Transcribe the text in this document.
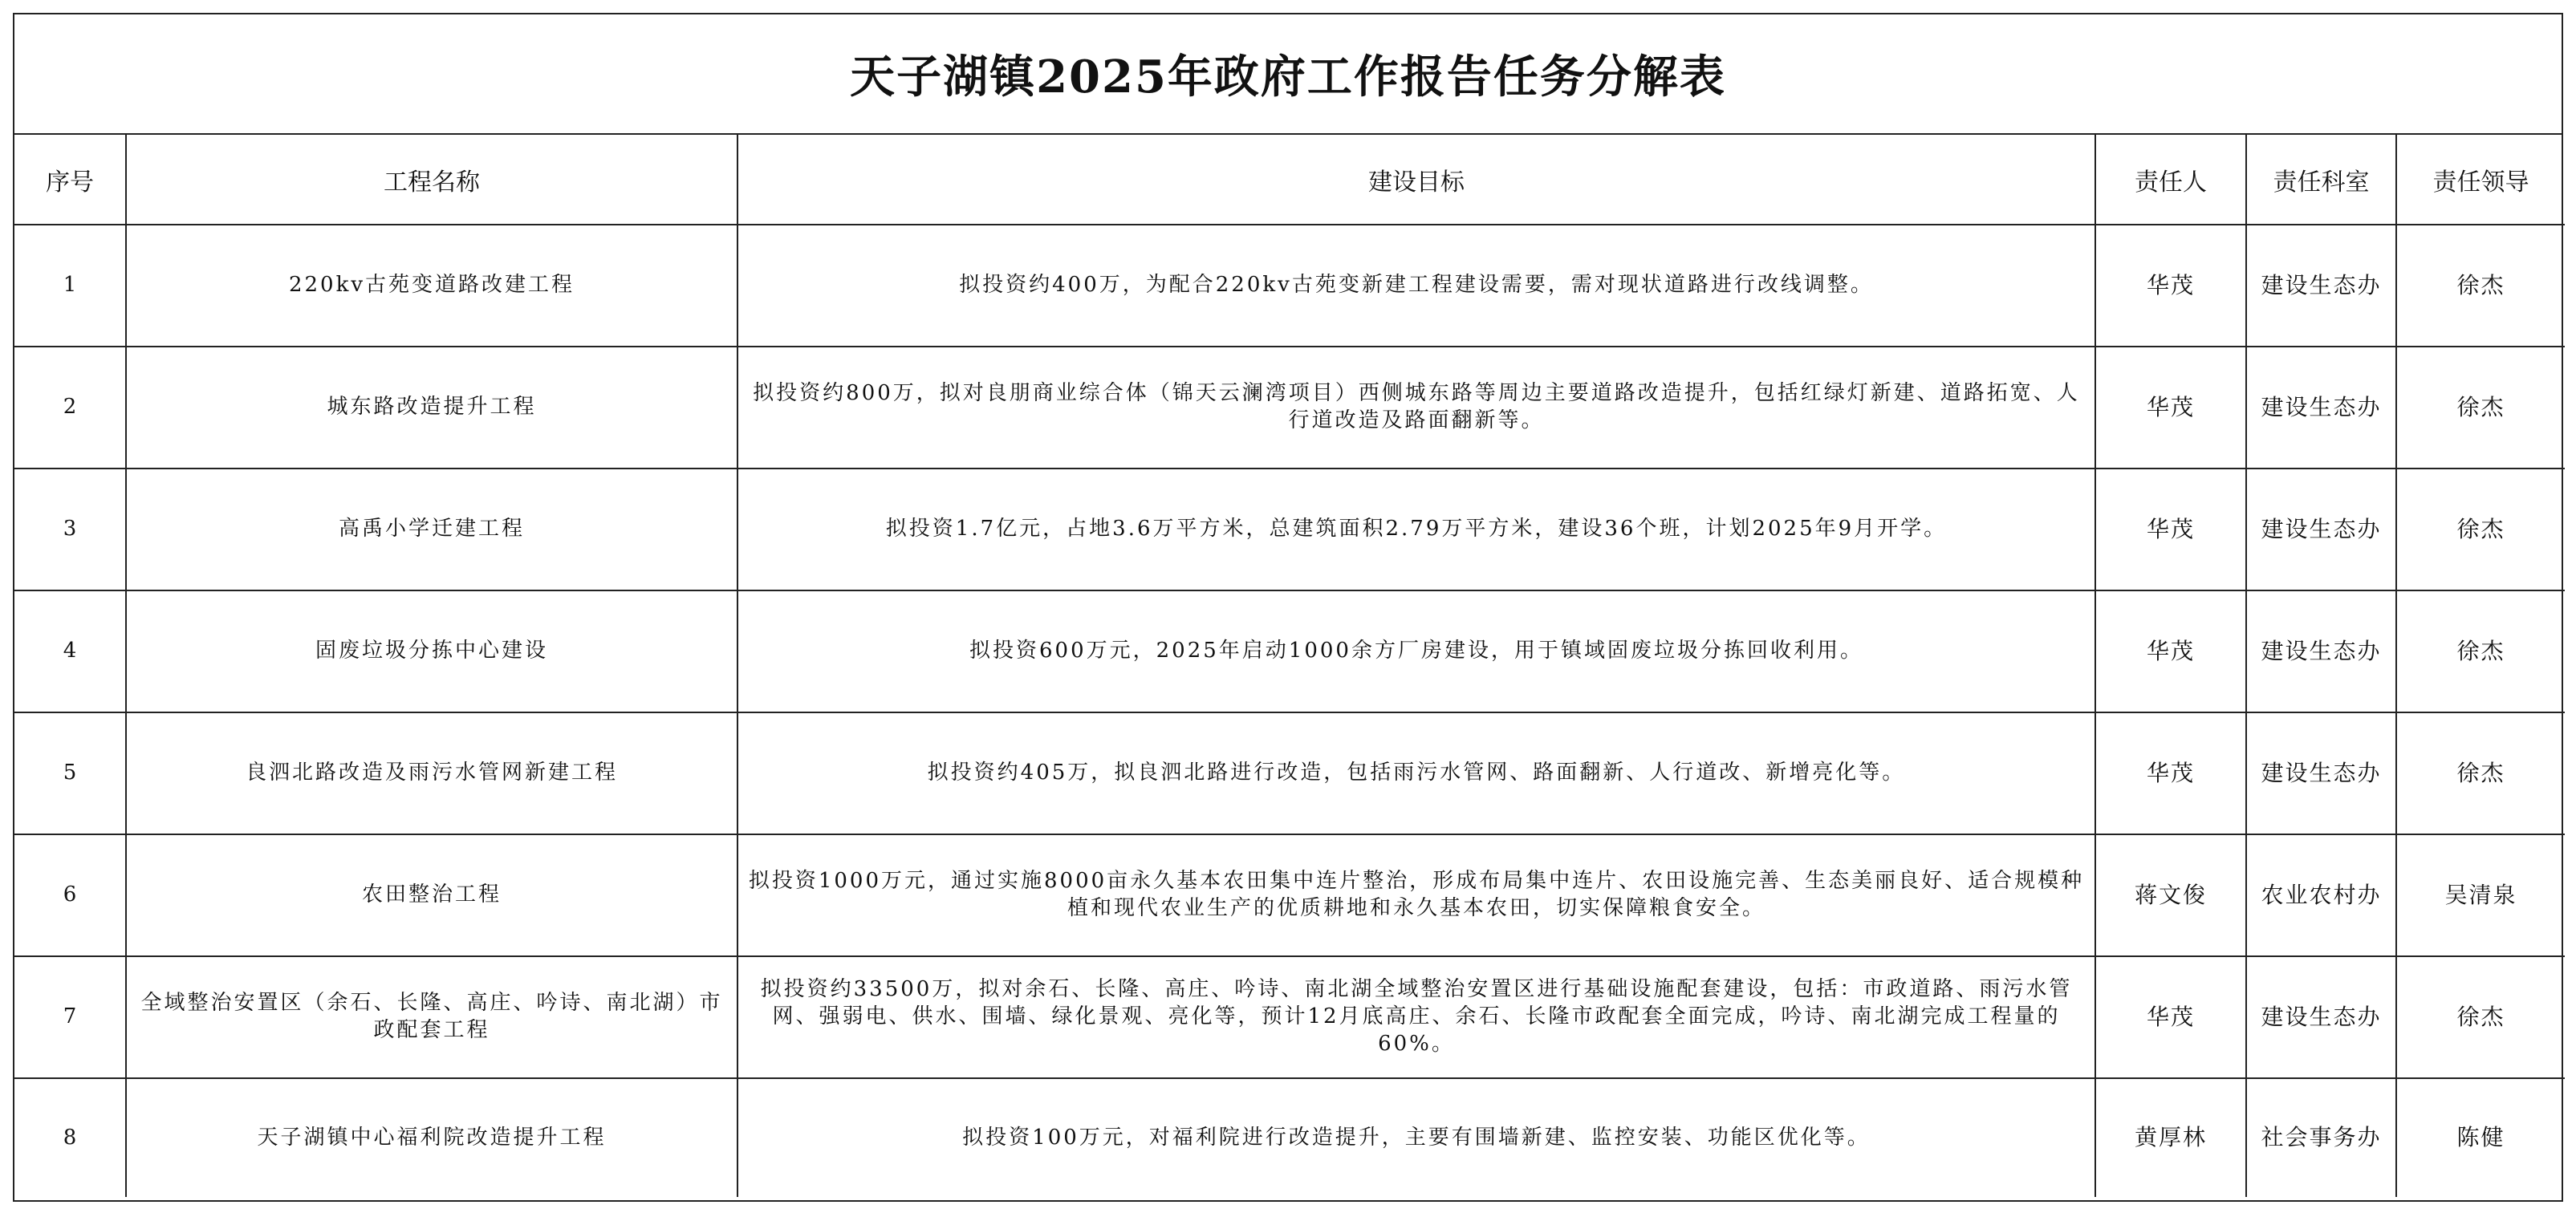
天子湖镇2025年政府工作报告任务分解表
序号	工程名称	建设目标	责任人	责任科室	责任领导
1	220kv古苑变道路改建工程	拟投资约400万，为配合220kv古苑变新建工程建设需要，需对现状道路进行改线调整。	华茂	建设生态办	徐杰
2	城东路改造提升工程	拟投资约800万，拟对良朋商业综合体（锦天云澜湾项目）西侧城东路等周边主要道路改造提升，包括红绿灯新建、道路拓宽、人行道改造及路面翻新等。	华茂	建设生态办	徐杰
3	高禹小学迁建工程	拟投资1.7亿元，占地3.6万平方米，总建筑面积2.79万平方米，建设36个班，计划2025年9月开学。	华茂	建设生态办	徐杰
4	固废垃圾分拣中心建设	拟投资600万元，2025年启动1000余方厂房建设，用于镇域固废垃圾分拣回收利用。	华茂	建设生态办	徐杰
5	良泗北路改造及雨污水管网新建工程	拟投资约405万，拟良泗北路进行改造，包括雨污水管网、路面翻新、人行道改、新增亮化等。	华茂	建设生态办	徐杰
6	农田整治工程	拟投资1000万元，通过实施8000亩永久基本农田集中连片整治，形成布局集中连片、农田设施完善、生态美丽良好、适合规模种植和现代农业生产的优质耕地和永久基本农田，切实保障粮食安全。	蒋文俊	农业农村办	吴清泉
7	全域整治安置区（余石、长隆、高庄、吟诗、南北湖）市政配套工程	拟投资约33500万，拟对余石、长隆、高庄、吟诗、南北湖全域整治安置区进行基础设施配套建设，包括：市政道路、雨污水管网、强弱电、供水、围墙、绿化景观、亮化等，预计12月底高庄、余石、长隆市政配套全面完成，吟诗、南北湖完成工程量的60%。	华茂	建设生态办	徐杰
8	天子湖镇中心福利院改造提升工程	拟投资100万元，对福利院进行改造提升，主要有围墙新建、监控安装、功能区优化等。	黄厚林	社会事务办	陈健
